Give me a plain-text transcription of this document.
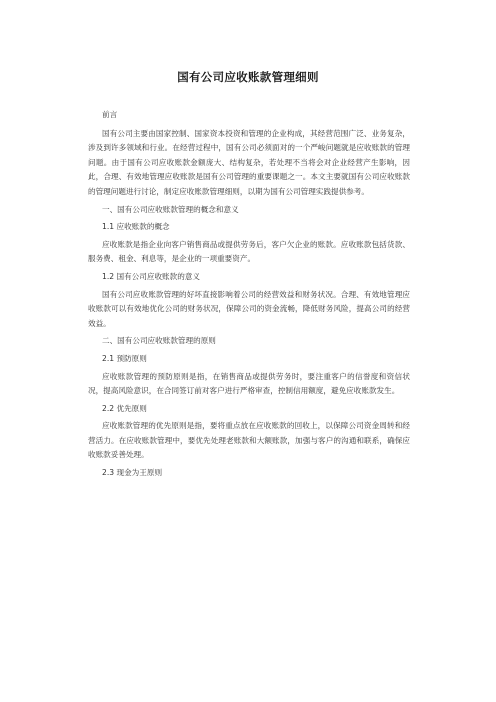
国有公司应收账款管理细则

前言

国有公司主要由国家控制、国家资本投资和管理的企业构成，其经营范围广泛、业务复杂，涉及到许多领域和行业。在经营过程中，国有公司必须面对的一个严峻问题就是应收账款的管理问题。由于国有公司应收账款金额庞大、结构复杂，若处理不当将会对企业经营产生影响，因此，合理、有效地管理应收账款是国有公司管理的重要课题之一。本文主要就国有公司应收账款的管理问题进行讨论，制定应收账款管理细则，以期为国有公司管理实践提供参考。

一、国有公司应收账款管理的概念和意义

1.1 应收账款的概念

应收账款是指企业向客户销售商品或提供劳务后，客户欠企业的账款。应收账款包括货款、服务费、租金、利息等，是企业的一项重要资产。

1.2 国有公司应收账款的意义

国有公司应收账款管理的好坏直接影响着公司的经营效益和财务状况。合理、有效地管理应收账款可以有效地优化公司的财务状况，保障公司的资金流畅，降低财务风险，提高公司的经营效益。

二、国有公司应收账款管理的原则

2.1 预防原则

应收账款管理的预防原则是指，在销售商品或提供劳务时，要注重客户的信誉度和资信状况，提高风险意识，在合同签订前对客户进行严格审查，控制信用额度，避免应收账款发生。

2.2 优先原则

应收账款管理的优先原则是指，要将重点放在应收账款的回收上，以保障公司资金周转和经营活力。在应收账款管理中，要优先处理老账款和大额账款，加强与客户的沟通和联系，确保应收账款妥善处理。

2.3 现金为王原则
